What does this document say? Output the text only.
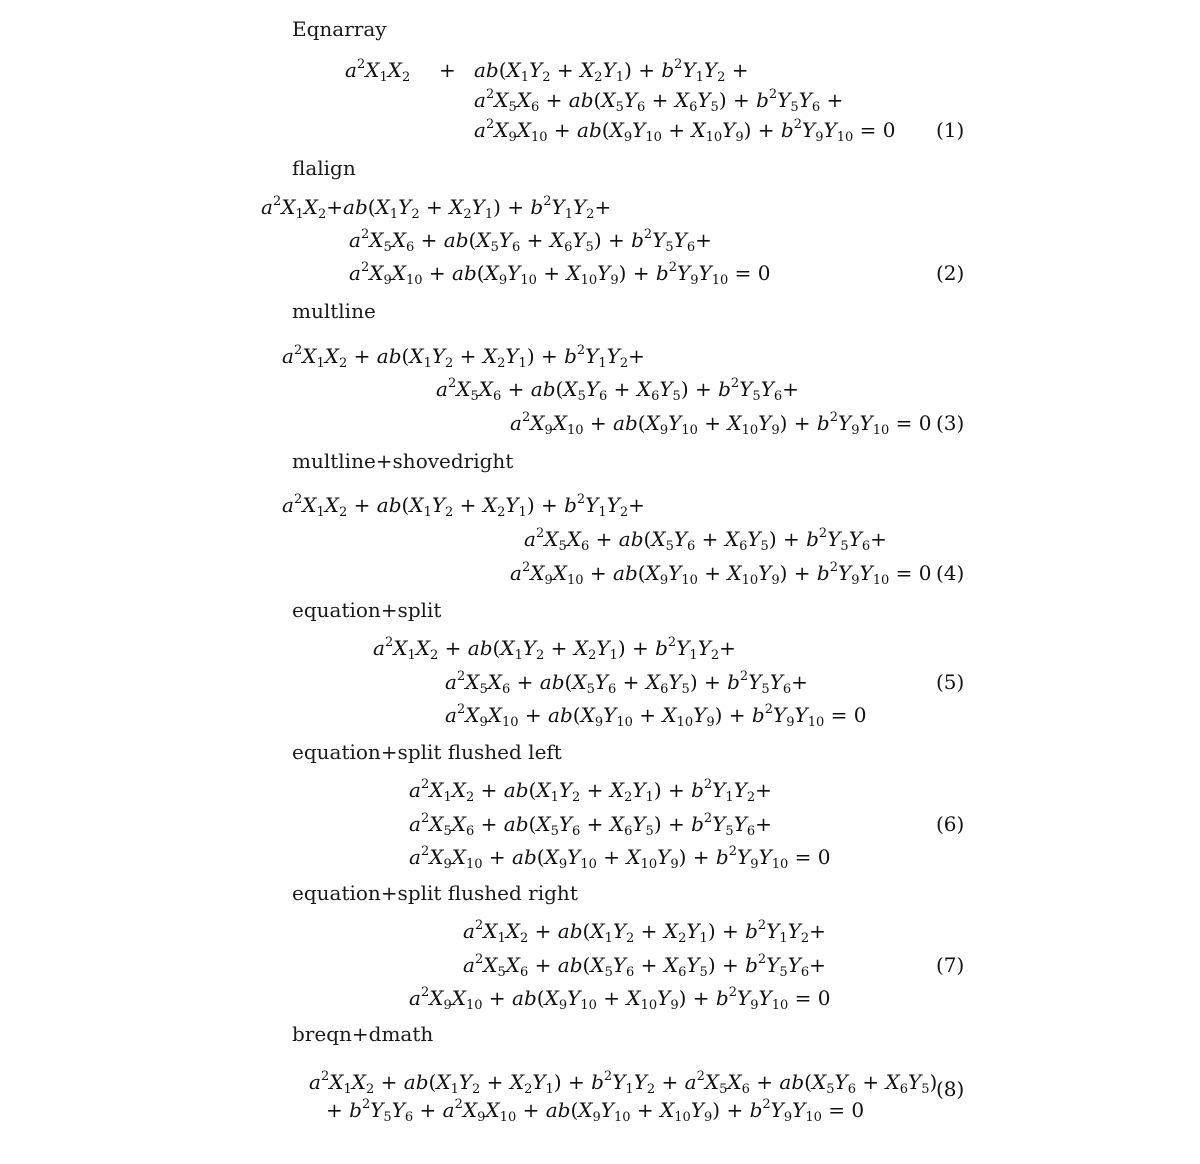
Eqnarray
$a^2X_1X_2 + ab(X_1Y_2 + X_2Y_1) + b^2Y_1Y_2$ +
$a^2X_5X_6 + ab(X_5Y_6 + X_6Y_5) + b^2Y_5Y_6$ +
$a^2X_9X_{10} + ab(X_9Y_{10} + X_{10}Y_9) + b^2Y_9Y_{10} = 0$ (1)
flalign
$a^2X_1X_2+ab(X_1Y_2 + X_2Y_1) + b^2Y_1Y_2+$
$a^2X_5X_6 + ab(X_5Y_6 + X_6Y_5) + b^2Y_5Y_6+$
$a^2X_9X_{10} + ab(X_9Y_{10} + X_{10}Y_9) + b^2Y_9Y_{10} = 0$	(2)
multline
$a^2X_1X_2 + ab(X_1Y_2 + X_2Y_1) + b^2Y_1Y_2+$
$a^2X_5X_6 + ab(X_5Y_6 + X_6Y_5) + b^2Y_5Y_6+$
$a^2X_9X_{10} + ab(X_9Y_{10} + X_{10}Y_9) + b^2Y_9Y_{10} = 0$ (3)
multline+shovedright
$a^2X_1X_2 + ab(X_1Y_2 + X_2Y_1) + b^2Y_1Y_2+$
$a^2X_5X_6 + ab(X_5Y_6 + X_6Y_5) + b^2Y_5Y_6+$
$a^2X_9X_{10} + ab(X_9Y_{10} + X_{10}Y_9) + b^2Y_9Y_{10} = 0$ (4)
equation+split
$a^2X_1X_2 + ab(X_1Y_2 + X_2Y_1) + b^2Y_1Y_2+$
$a^2X_5X_6 + ab(X_5Y_6 + X_6Y_5) + b^2Y_5Y_6+$
$a^2X_9X_{10} + ab(X_9Y_{10} + X_{10}Y_9) + b^2Y_9Y_{10} = 0$
(5)
equation+split flushed left
$a^2X_1X_2 + ab(X_1Y_2 + X_2Y_1) + b^2Y_1Y_2+$
$a^2X_5X_6 + ab(X_5Y_6 + X_6Y_5) + b^2Y_5Y_6+$
$a^2X_9X_{10} + ab(X_9Y_{10} + X_{10}Y_9) + b^2Y_9Y_{10} = 0$
(6)
equation+split flushed right
$a^2X_1X_2 + ab(X_1Y_2 + X_2Y_1) + b^2Y_1Y_2+$
$a^2X_5X_6 + ab(X_5Y_6 + X_6Y_5) + b^2Y_5Y_6+$
$a^2X_9X_{10} + ab(X_9Y_{10} + X_{10}Y_9) + b^2Y_9Y_{10} = 0$
(7)
breqn+dmath
$a^2X_1X_2 + ab(X_1Y_2 + X_2Y_1) + b^2Y_1Y_2 + a^2X_5X_6 + ab(X_5Y_6 + X_6Y_5)$
+ $b^2Y_5Y_6 + a^2X_9X_{10} + ab(X_9Y_{10} + X_{10}Y_9) + b^2Y_9Y_{10} = 0$
(8)
